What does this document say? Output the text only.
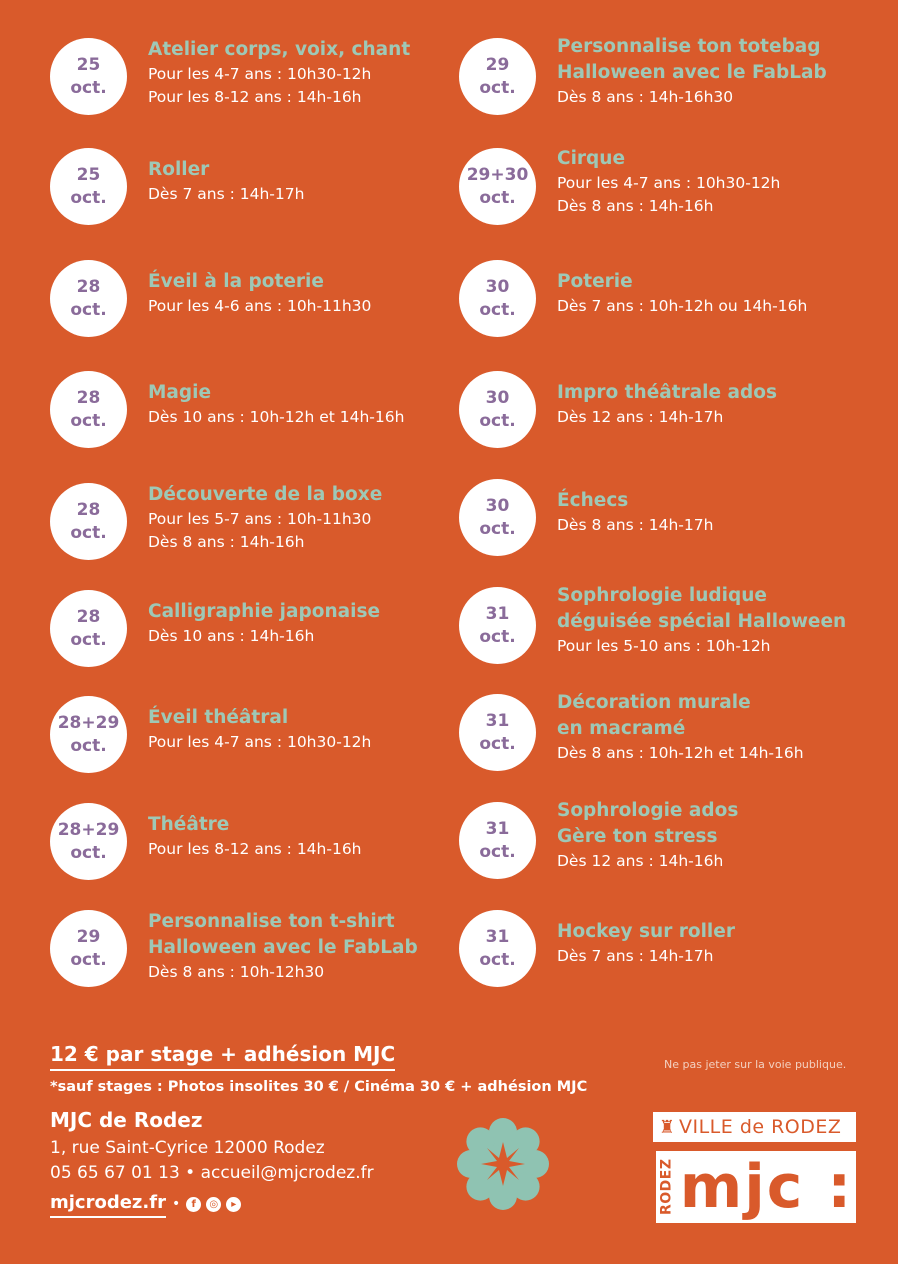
25
oct.
Atelier corps, voix, chant
Pour les 4-7 ans : 10h30-12h
Pour les 8-12 ans : 14h-16h
25
oct.
Roller
Dès 7 ans : 14h-17h
28
oct.
Éveil à la poterie
Pour les 4-6 ans : 10h-11h30
28
oct.
Magie
Dès 10 ans : 10h-12h et 14h-16h
28
oct.
Découverte de la boxe
Pour les 5-7 ans : 10h-11h30
Dès 8 ans : 14h-16h
28
oct.
Calligraphie japonaise
Dès 10 ans : 14h-16h
28+29
oct.
Éveil théâtral
Pour les 4-7 ans : 10h30-12h
28+29
oct.
Théâtre
Pour les 8-12 ans : 14h-16h
29
oct.
Personnalise ton t-shirt
Halloween avec le FabLab
Dès 8 ans : 10h-12h30
29
oct.
Personnalise ton totebag
Halloween avec le FabLab
Dès 8 ans : 14h-16h30
29+30
oct.
Cirque
Pour les 4-7 ans : 10h30-12h
Dès 8 ans : 14h-16h
30
oct.
Poterie
Dès 7 ans : 10h-12h ou 14h-16h
30
oct.
Impro théâtrale ados
Dès 12 ans : 14h-17h
30
oct.
Échecs
Dès 8 ans : 14h-17h
31
oct.
Sophrologie ludique
déguisée spécial Halloween
Pour les 5-10 ans : 10h-12h
31
oct.
Décoration murale
en macramé
Dès 8 ans : 10h-12h et 14h-16h
31
oct.
Sophrologie ados
Gère ton stress
Dès 12 ans : 14h-16h
31
oct.
Hockey sur roller
Dès 7 ans : 14h-17h
12 € par stage + adhésion MJC
*sauf stages : Photos insolites 30 € / Cinéma 30 € + adhésion MJC
Ne pas jeter sur la voie publique.
MJC de Rodez
1, rue Saint-Cyrice 12000 Rodez
05 65 67 01 13 • accueil@mjcrodez.fr
mjcrodez.fr •	f	◎	▸
♜ VILLE de RODEZ
RODEZ mjc :
